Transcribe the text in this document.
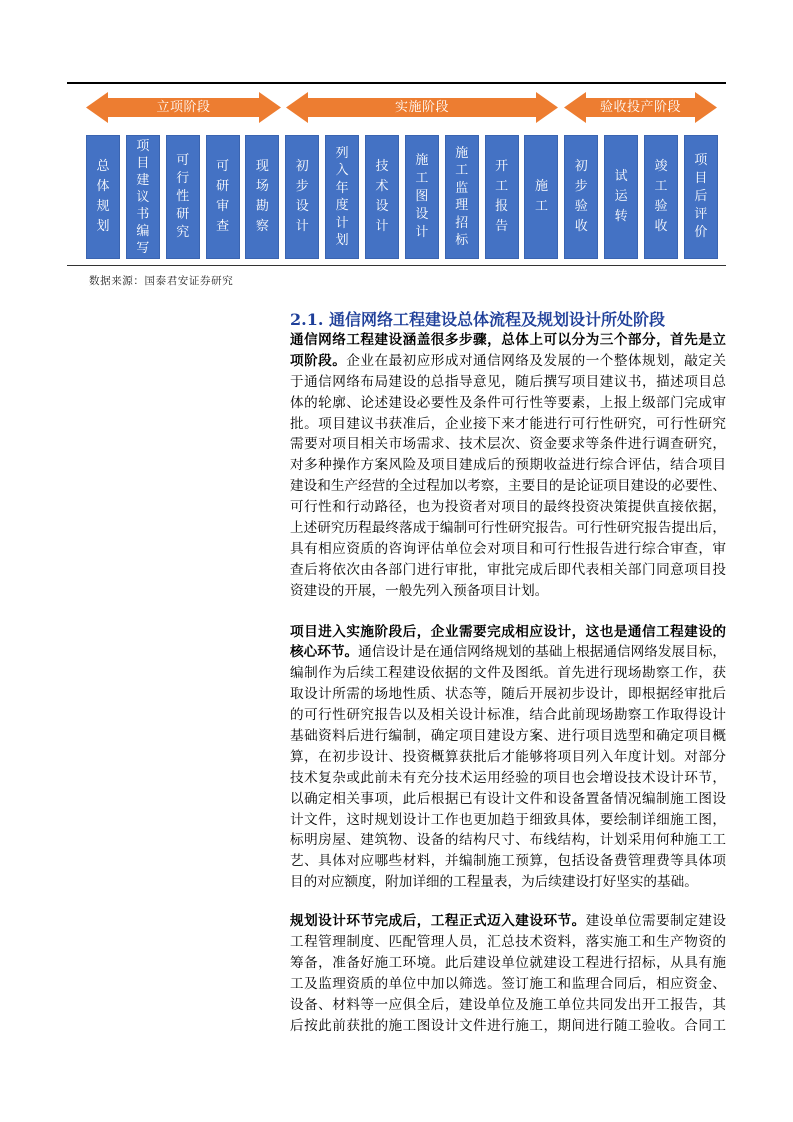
立项阶段	实施阶段	验收投产阶段
总体规划
项目建议书编写
可行性研究
可研审查
现场勘察
初步设计
列入年度计划
技术设计
施工图设计
施工监理招标
开工报告
施工
初步验收
试运转
竣工验收
项目后评价
数据来源：国泰君安证券研究
2.1. 通信网络工程建设总体流程及规划设计所处阶段
通信网络工程建设涵盖很多步骤，总体上可以分为三个部分，首先是立
项阶段。企业在最初应形成对通信网络及发展的一个整体规划，敲定关
于通信网络布局建设的总指导意见，随后撰写项目建议书，描述项目总
体的轮廓、论述建设必要性及条件可行性等要素，上报上级部门完成审
批。项目建议书获准后，企业接下来才能进行可行性研究，可行性研究
需要对项目相关市场需求、技术层次、资金要求等条件进行调查研究，
对多种操作方案风险及项目建成后的预期收益进行综合评估，结合项目
建设和生产经营的全过程加以考察，主要目的是论证项目建设的必要性、
可行性和行动路径，也为投资者对项目的最终投资决策提供直接依据，
上述研究历程最终落成于编制可行性研究报告。可行性研究报告提出后，
具有相应资质的咨询评估单位会对项目和可行性报告进行综合审查，审
查后将依次由各部门进行审批，审批完成后即代表相关部门同意项目投
资建设的开展，一般先列入预备项目计划。
项目进入实施阶段后，企业需要完成相应设计，这也是通信工程建设的
核心环节。通信设计是在通信网络规划的基础上根据通信网络发展目标，
编制作为后续工程建设依据的文件及图纸。首先进行现场勘察工作，获
取设计所需的场地性质、状态等，随后开展初步设计，即根据经审批后
的可行性研究报告以及相关设计标准，结合此前现场勘察工作取得设计
基础资料后进行编制，确定项目建设方案、进行项目选型和确定项目概
算，在初步设计、投资概算获批后才能够将项目列入年度计划。对部分
技术复杂或此前未有充分技术运用经验的项目也会增设技术设计环节，
以确定相关事项，此后根据已有设计文件和设备置备情况编制施工图设
计文件，这时规划设计工作也更加趋于细致具体，要绘制详细施工图，
标明房屋、建筑物、设备的结构尺寸、布线结构，计划采用何种施工工
艺、具体对应哪些材料，并编制施工预算，包括设备费管理费等具体项
目的对应额度，附加详细的工程量表，为后续建设打好坚实的基础。
规划设计环节完成后，工程正式迈入建设环节。建设单位需要制定建设
工程管理制度、匹配管理人员，汇总技术资料，落实施工和生产物资的
筹备，准备好施工环境。此后建设单位就建设工程进行招标，从具有施
工及监理资质的单位中加以筛选。签订施工和监理合同后，相应资金、
设备、材料等一应俱全后，建设单位及施工单位共同发出开工报告，其
后按此前获批的施工图设计文件进行施工，期间进行随工验收。合同工
